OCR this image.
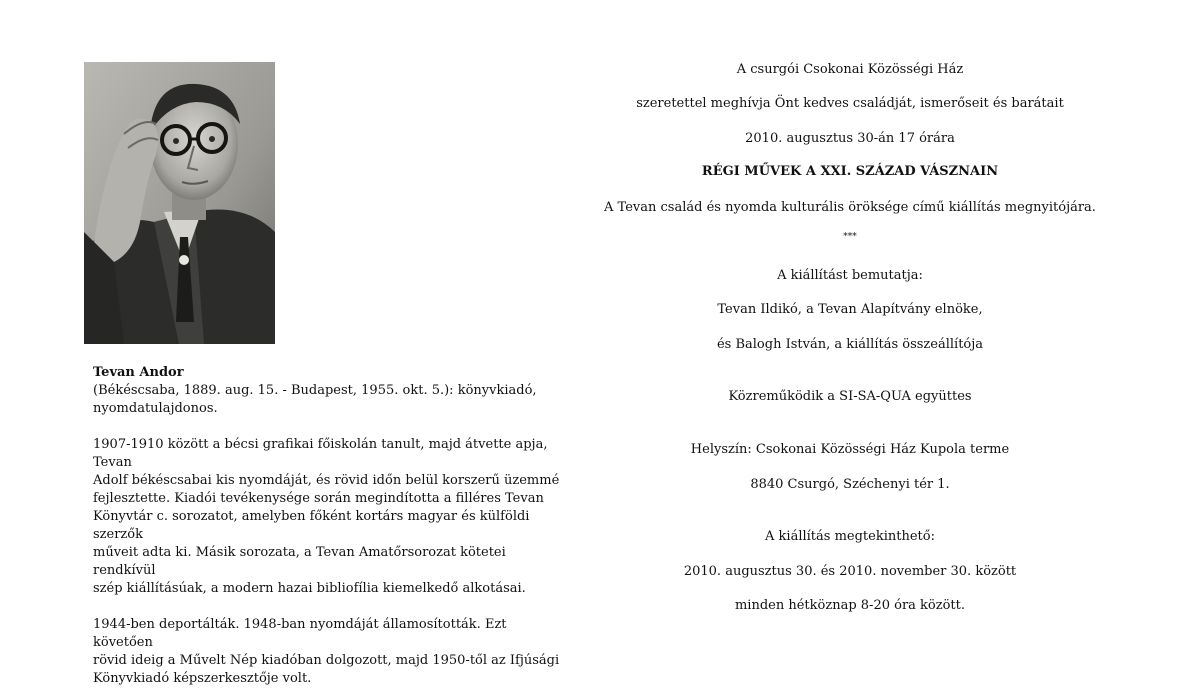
Tevan Andor

(Békéscsaba, 1889. aug. 15. - Budapest, 1955. okt. 5.): könyvkiadó,

nyomdatulajdonos.

1907-1910 között a bécsi grafikai főiskolán tanult, majd átvette apja, Tevan

Adolf békéscsabai kis nyomdáját, és rövid időn belül korszerű üzemmé

fejlesztette. Kiadói tevékenysége során megindította a filléres Tevan

Könyvtár c. sorozatot, amelyben főként kortárs magyar és külföldi szerzők

műveit adta ki. Másik sorozata, a Tevan Amatőrsorozat kötetei rendkívül

szép kiállításúak, a modern hazai bibliofília kiemelkedő alkotásai.

1944-ben deportálták. 1948-ban nyomdáját államosították. Ezt követően

rövid ideig a Művelt Nép kiadóban dolgozott, majd 1950-től az Ifjúsági

Könyvkiadó képszerkesztője volt.

A csurgói Csokonai Közösségi Ház
szeretettel meghívja Önt kedves családját, ismerőseit és barátait
2010. augusztus 30-án 17 órára
RÉGI MŰVEK A XXI. SZÁZAD VÁSZNAIN
A Tevan család és nyomda kulturális öröksége című kiállítás megnyitójára.
***
A kiállítást bemutatja:
Tevan Ildikó, a Tevan Alapítvány elnöke,
és Balogh István, a kiállítás összeállítója
Közreműködik a SI-SA-QUA együttes
Helyszín: Csokonai Közösségi Ház Kupola terme
8840 Csurgó, Széchenyi tér 1.
A kiállítás megtekinthető:
2010. augusztus 30. és 2010. november 30. között
minden hétköznap 8-20 óra között.
